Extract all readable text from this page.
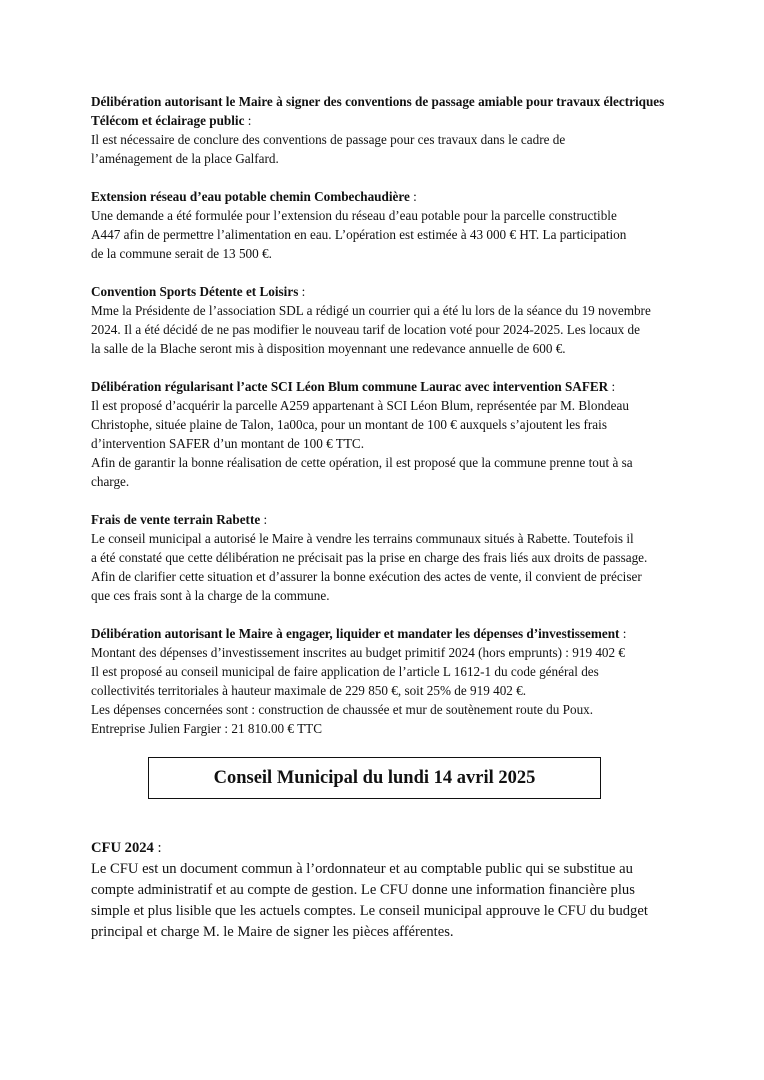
Délibération autorisant le Maire à signer des conventions de passage amiable pour travaux électriques Télécom et éclairage public :

Il est nécessaire de conclure des conventions de passage pour ces travaux dans le cadre de

l’aménagement de la place Galfard.

Extension réseau d’eau potable chemin Combechaudière :

Une demande a été formulée pour l’extension du réseau d’eau potable pour la parcelle constructible

A447 afin de permettre l’alimentation en eau. L’opération est estimée à 43 000 € HT. La participation

de la commune serait de 13 500 €.

Convention Sports Détente et Loisirs :

Mme la Présidente de l’association SDL a rédigé un courrier qui a été lu lors de la séance du 19 novembre

2024. Il a été décidé de ne pas modifier le nouveau tarif de location voté pour 2024-2025. Les locaux de

la salle de la Blache seront mis à disposition moyennant une redevance annuelle de 600 €.

Délibération régularisant l’acte SCI Léon Blum commune Laurac avec intervention SAFER :

Il est proposé d’acquérir la parcelle A259 appartenant à SCI Léon Blum, représentée par M. Blondeau

Christophe, située plaine de Talon, 1a00ca, pour un montant de 100 € auxquels s’ajoutent les frais

d’intervention SAFER d’un montant de 100 € TTC.

Afin de garantir la bonne réalisation de cette opération, il est proposé que la commune prenne tout à sa

charge.

Frais de vente terrain Rabette :

Le conseil municipal a autorisé le Maire à vendre les terrains communaux situés à Rabette. Toutefois il

a été constaté que cette délibération ne précisait pas la prise en charge des frais liés aux droits de passage.

Afin de clarifier cette situation et d’assurer la bonne exécution des actes de vente, il convient de préciser

que ces frais sont à la charge de la commune.

Délibération autorisant le Maire à engager, liquider et mandater les dépenses d’investissement :

Montant des dépenses d’investissement inscrites au budget primitif 2024 (hors emprunts) : 919 402 €

Il est proposé au conseil municipal de faire application de l’article L 1612-1 du code général des

collectivités territoriales à hauteur maximale de 229 850 €, soit 25% de 919 402 €.

Les dépenses concernées sont : construction de chaussée et mur de soutènement route du Poux.

Entreprise Julien Fargier : 21 810.00 € TTC

Conseil Municipal du lundi 14 avril 2025

CFU 2024 :

Le CFU est un document commun à l’ordonnateur et au comptable public qui se substitue au

compte administratif et au compte de gestion. Le CFU donne une information financière plus

simple et plus lisible que les actuels comptes. Le conseil municipal approuve le CFU du budget

principal et charge M. le Maire de signer les pièces afférentes.
